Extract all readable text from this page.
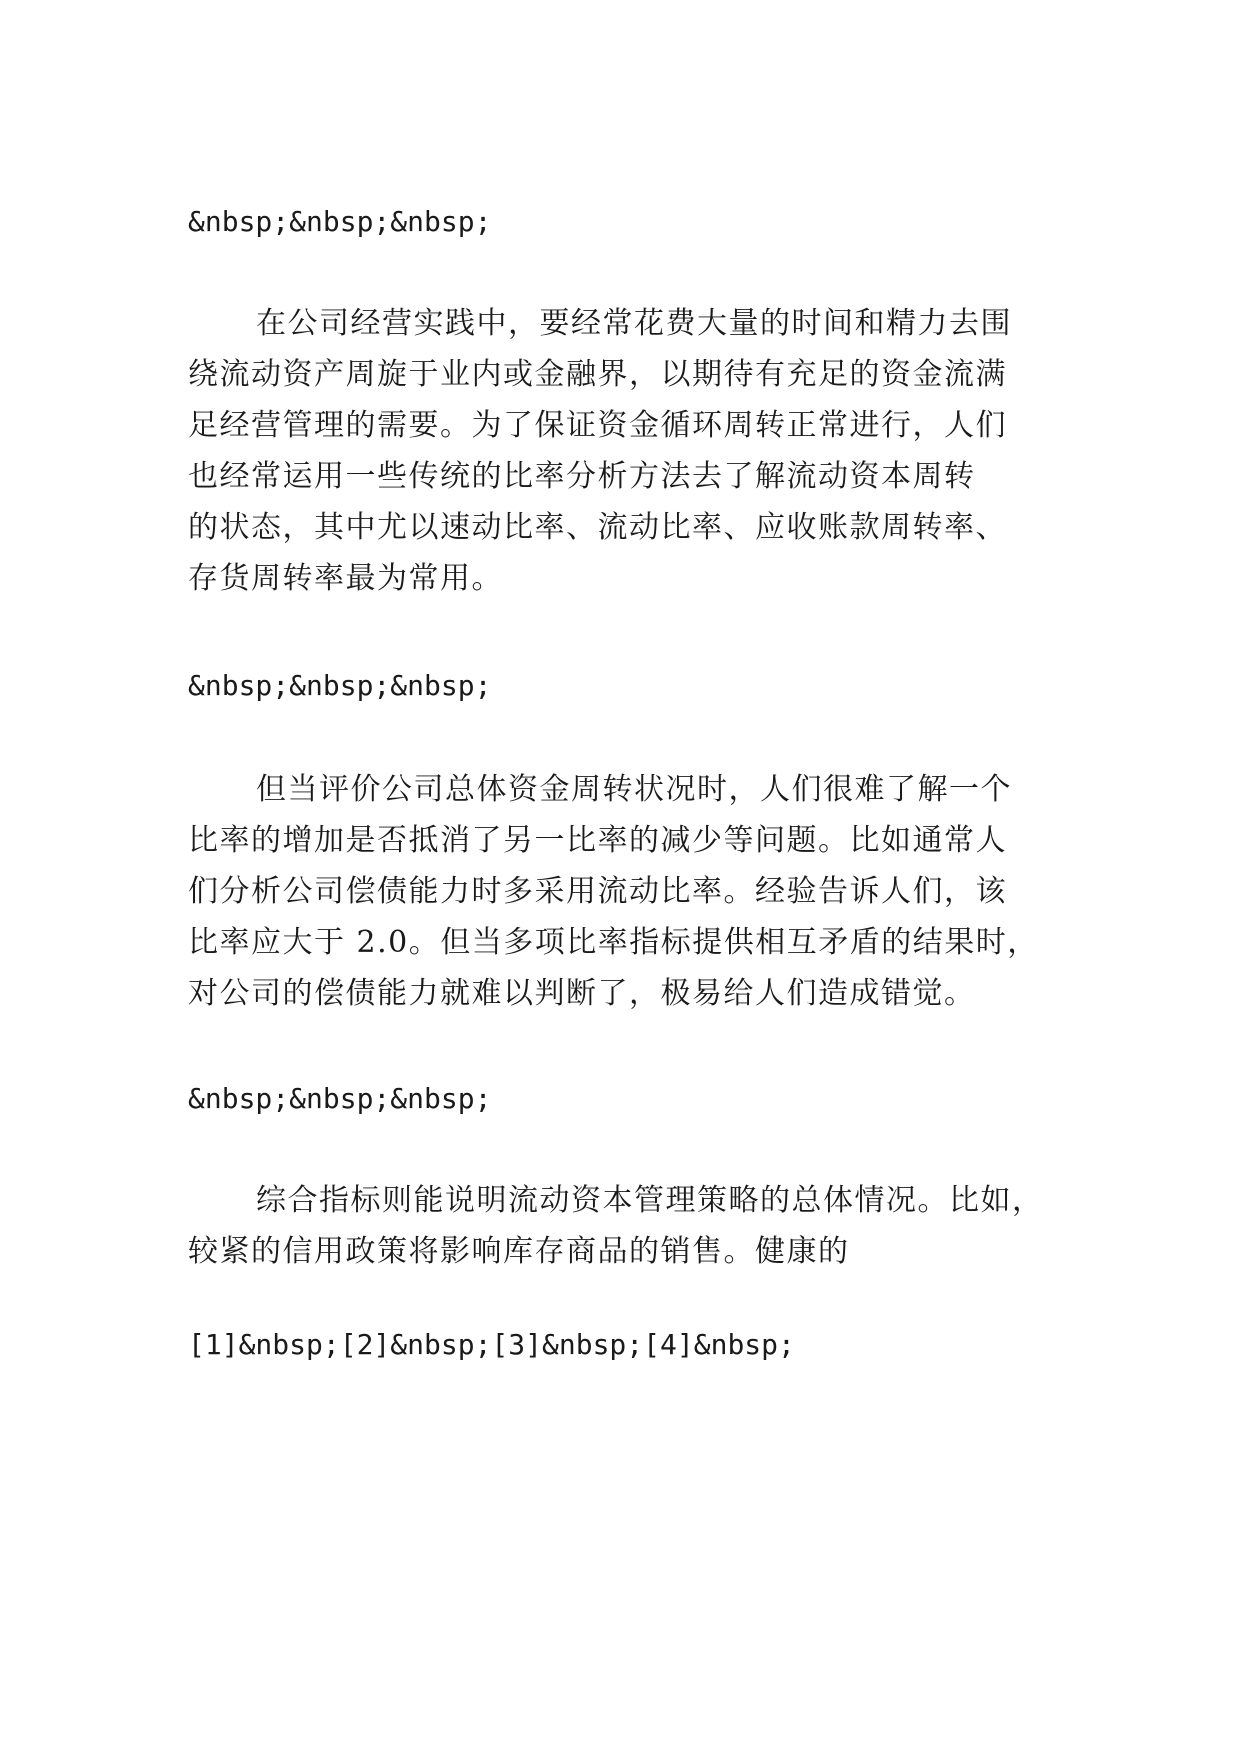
&nbsp;&nbsp;&nbsp;
在公司经营实践中，要经常花费大量的时间和精力去围
绕流动资产周旋于业内或金融界，以期待有充足的资金流满
足经营管理的需要。为了保证资金循环周转正常进行，人们
也经常运用一些传统的比率分析方法去了解流动资本周转
的状态，其中尤以速动比率、流动比率、应收账款周转率、
存货周转率最为常用。
&nbsp;&nbsp;&nbsp;
但当评价公司总体资金周转状况时，人们很难了解一个
比率的增加是否抵消了另一比率的减少等问题。比如通常人
们分析公司偿债能力时多采用流动比率。经验告诉人们，该
比率应大于 2.0。但当多项比率指标提供相互矛盾的结果时，
对公司的偿债能力就难以判断了，极易给人们造成错觉。
&nbsp;&nbsp;&nbsp;
综合指标则能说明流动资本管理策略的总体情况。比如，
较紧的信用政策将影响库存商品的销售。健康的
[1]&nbsp;[2]&nbsp;[3]&nbsp;[4]&nbsp;
